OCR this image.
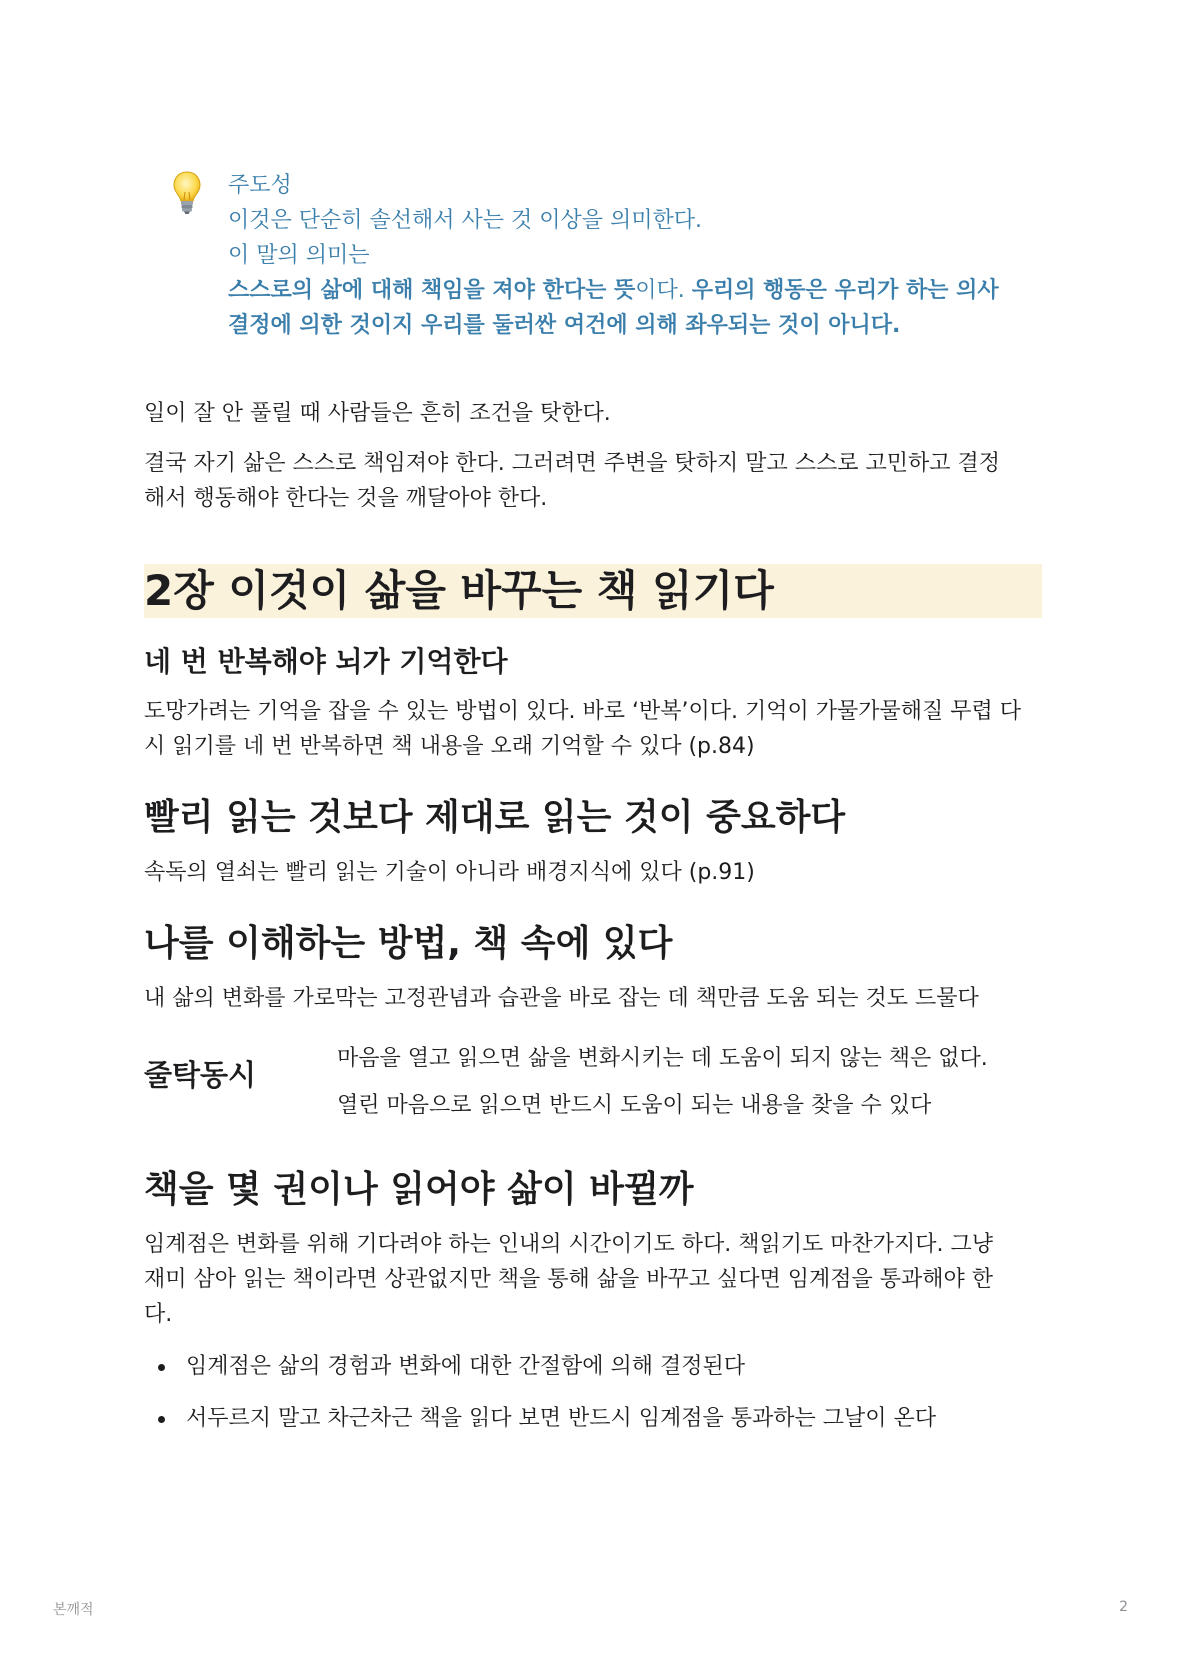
주도성
이것은 단순히 솔선해서 사는 것 이상을 의미한다.
이 말의 의미는
스스로의 삶에 대해 책임을 져야 한다는 뜻이다. 우리의 행동은 우리가 하는 의사
결정에 의한 것이지 우리를 둘러싼 여건에 의해 좌우되는 것이 아니다.

일이 잘 안 풀릴 때 사람들은 흔히 조건을 탓한다.

결국 자기 삶은 스스로 책임져야 한다. 그러려면 주변을 탓하지 말고 스스로 고민하고 결정

해서 행동해야 한다는 것을 깨달아야 한다.

2장 이것이 삶을 바꾸는 책 읽기다
네 번 반복해야 뇌가 기억한다

도망가려는 기억을 잡을 수 있는 방법이 있다. 바로 ‘반복’이다. 기억이 가물가물해질 무렵 다

시 읽기를 네 번 반복하면 책 내용을 오래 기억할 수 있다 (p.84)

빨리 읽는 것보다 제대로 읽는 것이 중요하다

속독의 열쇠는 빨리 읽는 기술이 아니라 배경지식에 있다 (p.91)

나를 이해하는 방법, 책 속에 있다

내 삶의 변화를 가로막는 고정관념과 습관을 바로 잡는 데 책만큼 도움 되는 것도 드물다

줄탁동시	마음을 열고 읽으면 삶을 변화시키는 데 도움이 되지 않는 책은 없다.
열린 마음으로 읽으면 반드시 도움이 되는 내용을 찾을 수 있다
책을 몇 권이나 읽어야 삶이 바뀔까

임계점은 변화를 위해 기다려야 하는 인내의 시간이기도 하다. 책읽기도 마찬가지다. 그냥

재미 삼아 읽는 책이라면 상관없지만 책을 통해 삶을 바꾸고 싶다면 임계점을 통과해야 한

다.

임계점은 삶의 경험과 변화에 대한 간절함에 의해 결정된다
서두르지 말고 차근차근 책을 읽다 보면 반드시 임계점을 통과하는 그날이 온다
본깨적	2
